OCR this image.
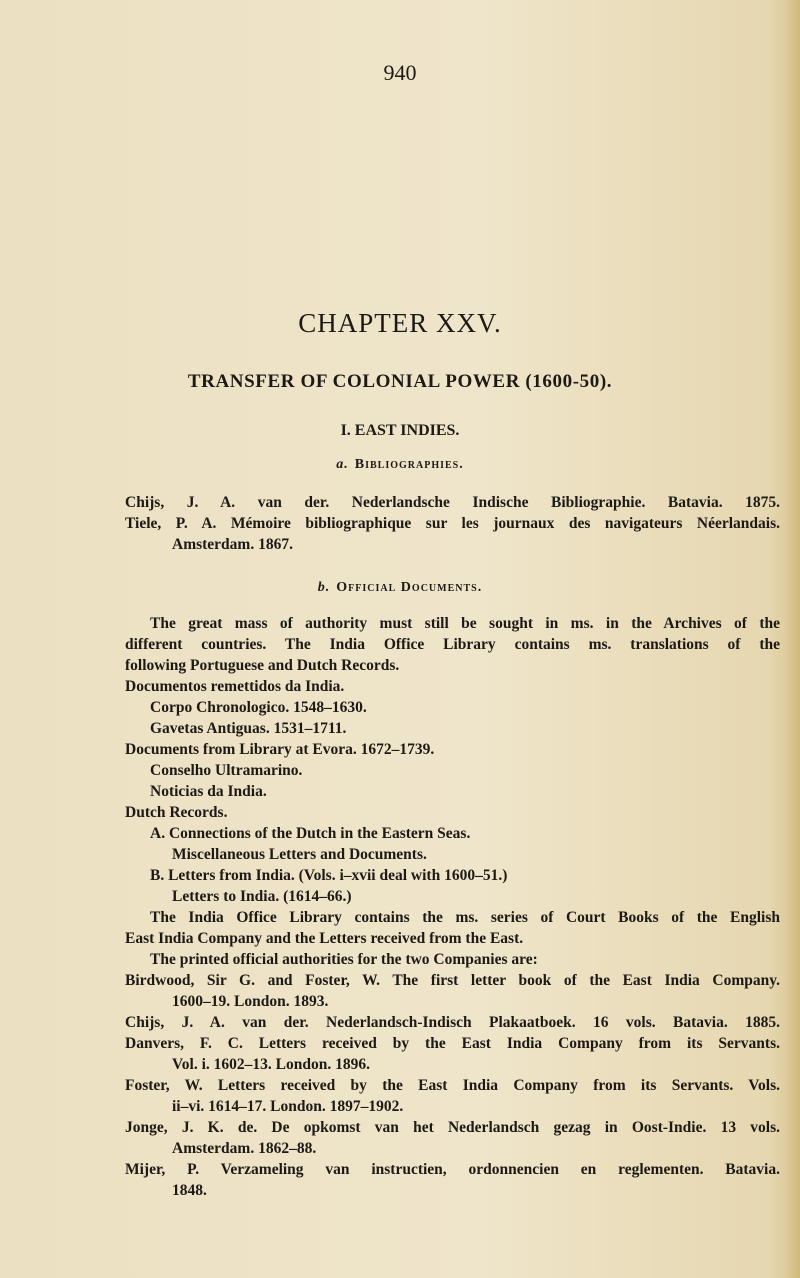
940
CHAPTER XXV.
TRANSFER OF COLONIAL POWER (1600-50).
I. EAST INDIES.
a. Bibliographies.
Chijs, J. A. van der. Nederlandsche Indische Bibliographie. Batavia. 1875.
Tiele, P. A. Mémoire bibliographique sur les journaux des navigateurs Néerlandais.
Amsterdam. 1867.
b. Official Documents.
The great mass of authority must still be sought in ms. in the Archives of the
different countries. The India Office Library contains ms. translations of the
following Portuguese and Dutch Records.
Documentos remettidos da India.
Corpo Chronologico. 1548–1630.
Gavetas Antiguas. 1531–1711.
Documents from Library at Evora. 1672–1739.
Conselho Ultramarino.
Noticias da India.
Dutch Records.
A. Connections of the Dutch in the Eastern Seas.
Miscellaneous Letters and Documents.
B. Letters from India. (Vols. i–xvii deal with 1600–51.)
Letters to India. (1614–66.)
The India Office Library contains the ms. series of Court Books of the English
East India Company and the Letters received from the East.
The printed official authorities for the two Companies are:
Birdwood, Sir G. and Foster, W. The first letter book of the East India Company.
1600–19. London. 1893.
Chijs, J. A. van der. Nederlandsch-Indisch Plakaatboek. 16 vols. Batavia. 1885.
Danvers, F. C. Letters received by the East India Company from its Servants.
Vol. i. 1602–13. London. 1896.
Foster, W. Letters received by the East India Company from its Servants. Vols.
ii–vi. 1614–17. London. 1897–1902.
Jonge, J. K. de. De opkomst van het Nederlandsch gezag in Oost-Indie. 13 vols.
Amsterdam. 1862–88.
Mijer, P. Verzameling van instructien, ordonnencien en reglementen. Batavia.
1848.
